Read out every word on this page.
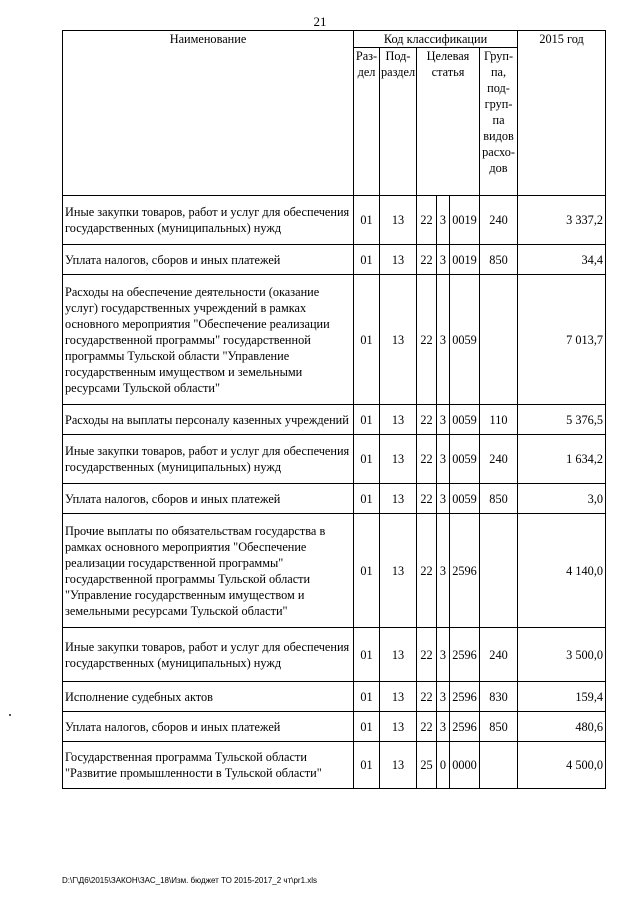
21
Наименование	Код классификации						2015 год
	Раз-дел	Под-раздел	Целевая статья			Груп-па, под-груп-па видов расхо-дов	
Иные закупки товаров, работ и услуг для обеспечения государственных (муниципальных) нужд	01	13	22	3	0019	240	3 337,2
Уплата налогов, сборов и иных платежей	01	13	22	3	0019	850	34,4
Расходы на обеспечение деятельности (оказание услуг) государственных учреждений в рамках основного мероприятия "Обеспечение реализации государственной программы" государственной программы Тульской области "Управление государственным имуществом и земельными ресурсами Тульской области"	01	13	22	3	0059		7 013,7
Расходы на выплаты персоналу казенных учреждений	01	13	22	3	0059	110	5 376,5
Иные закупки товаров, работ и услуг для обеспечения государственных (муниципальных) нужд	01	13	22	3	0059	240	1 634,2
Уплата налогов, сборов и иных платежей	01	13	22	3	0059	850	3,0
Прочие выплаты по обязательствам государства в рамках основного мероприятия "Обеспечение реализации государственной программы" государственной программы Тульской области "Управление государственным имуществом и земельными ресурсами Тульской области"	01	13	22	3	2596		4 140,0
Иные закупки товаров, работ и услуг для обеспечения государственных (муниципальных) нужд	01	13	22	3	2596	240	3 500,0
Исполнение судебных актов	01	13	22	3	2596	830	159,4
Уплата налогов, сборов и иных платежей	01	13	22	3	2596	850	480,6
Государственная программа Тульской области "Развитие промышленности в Тульской области"	01	13	25	0	0000		4 500,0
D:\Г\Д6\2015\ЗАКОН\ЗАС_18\Изм. бюджет ТО 2015-2017_2 чт\pr1.xls
